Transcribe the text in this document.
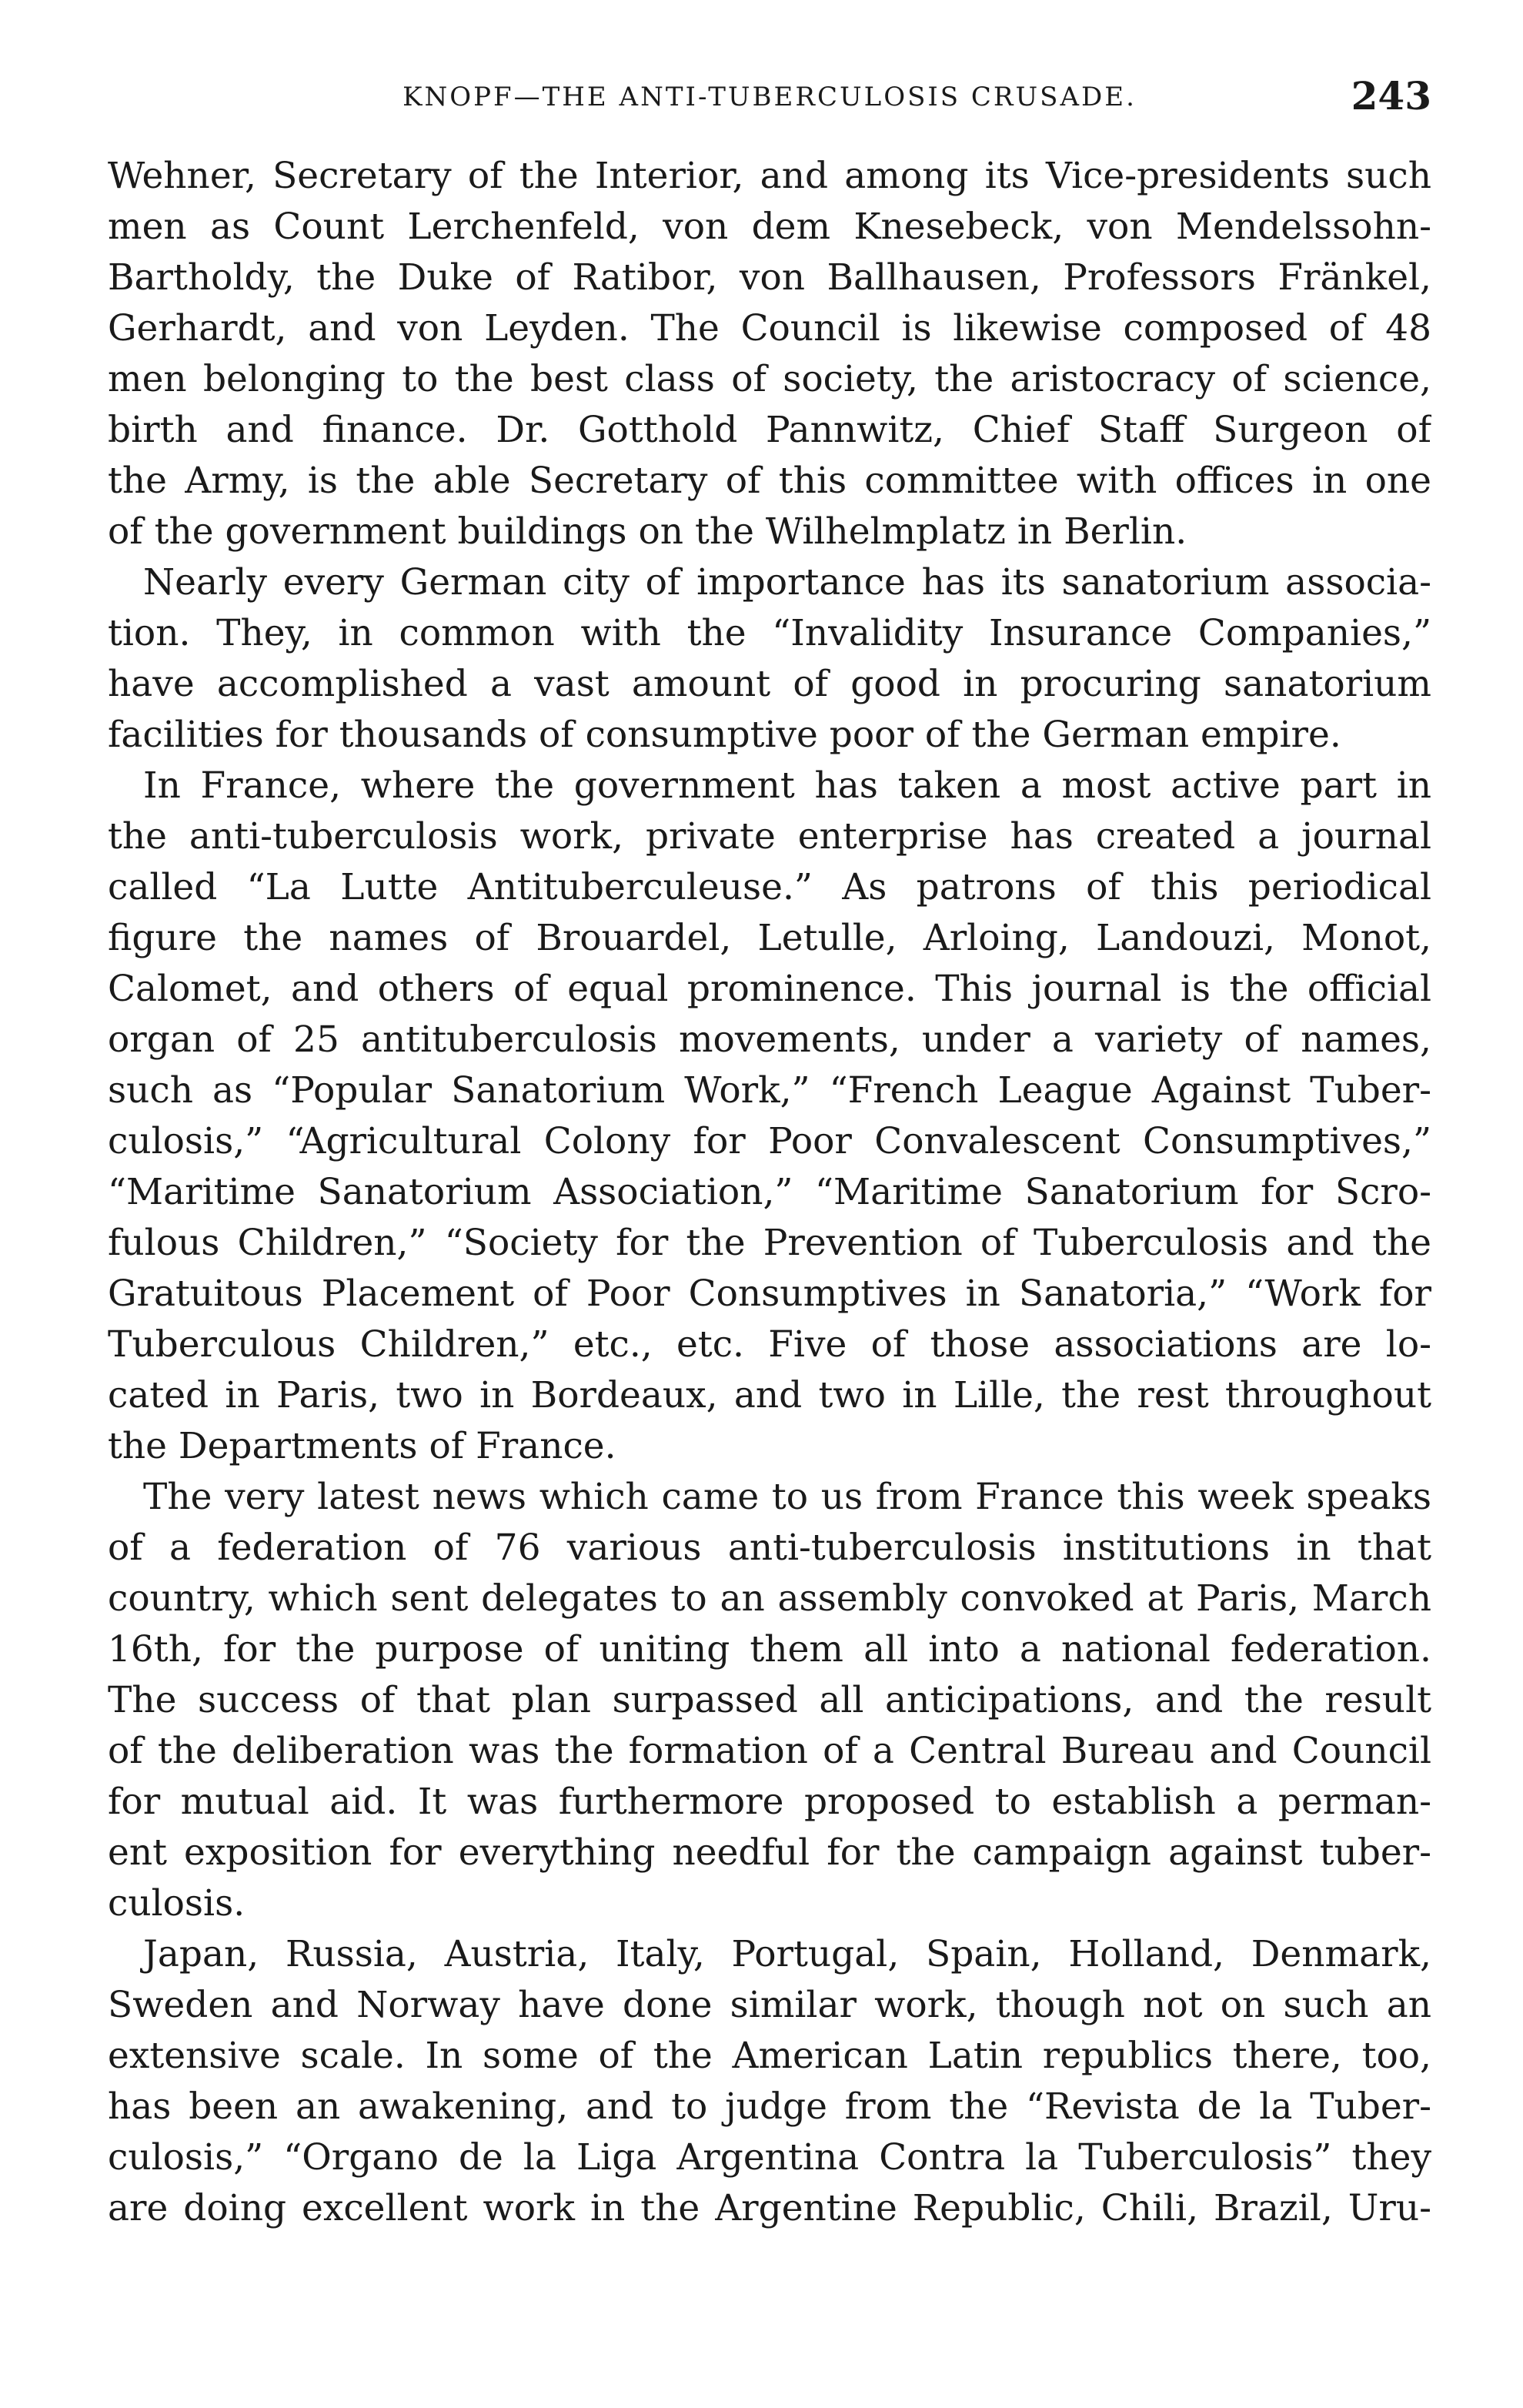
KNOPF—THE ANTI-TUBERCULOSIS CRUSADE.	243
Wehner, Secretary of the Interior, and among its Vice-presidents such
men as Count Lerchenfeld, von dem Knesebeck, von Mendelssohn-
Bartholdy, the Duke of Ratibor, von Ballhausen, Professors Fränkel,
Gerhardt, and von Leyden. The Council is likewise composed of 48
men belonging to the best class of society, the aristocracy of science,
birth and finance. Dr. Gotthold Pannwitz, Chief Staff Surgeon of
the Army, is the able Secretary of this committee with offices in one
of the government buildings on the Wilhelmplatz in Berlin.
Nearly every German city of importance has its sanatorium associa-
tion. They, in common with the “Invalidity Insurance Companies,”
have accomplished a vast amount of good in procuring sanatorium
facilities for thousands of consumptive poor of the German empire.
In France, where the government has taken a most active part in
the anti-tuberculosis work, private enterprise has created a journal
called “La Lutte Antituberculeuse.” As patrons of this periodical
figure the names of Brouardel, Letulle, Arloing, Landouzi, Monot,
Calomet, and others of equal prominence. This journal is the official
organ of 25 antituberculosis movements, under a variety of names,
such as “Popular Sanatorium Work,” “French League Against Tuber-
culosis,” “Agricultural Colony for Poor Convalescent Consumptives,”
“Maritime Sanatorium Association,” “Maritime Sanatorium for Scro-
fulous Children,” “Society for the Prevention of Tuberculosis and the
Gratuitous Placement of Poor Consumptives in Sanatoria,” “Work for
Tuberculous Children,” etc., etc. Five of those associations are lo-
cated in Paris, two in Bordeaux, and two in Lille, the rest throughout
the Departments of France.
The very latest news which came to us from France this week speaks
of a federation of 76 various anti-tuberculosis institutions in that
country, which sent delegates to an assembly convoked at Paris, March
16th, for the purpose of uniting them all into a national federation.
The success of that plan surpassed all anticipations, and the result
of the deliberation was the formation of a Central Bureau and Council
for mutual aid. It was furthermore proposed to establish a perman-
ent exposition for everything needful for the campaign against tuber-
culosis.
Japan, Russia, Austria, Italy, Portugal, Spain, Holland, Denmark,
Sweden and Norway have done similar work, though not on such an
extensive scale. In some of the American Latin republics there, too,
has been an awakening, and to judge from the “Revista de la Tuber-
culosis,” “Organo de la Liga Argentina Contra la Tuberculosis” they
are doing excellent work in the Argentine Republic, Chili, Brazil, Uru-
